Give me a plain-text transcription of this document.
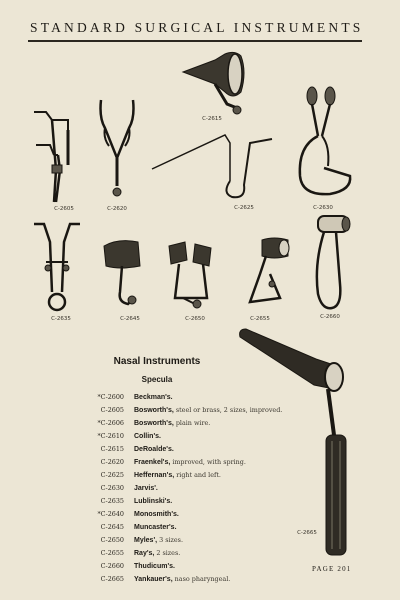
STANDARD SURGICAL INSTRUMENTS
C-2615
C-2605	C-2620	C-2625	C-2630
C-2635	C-2645	C-2650	C-2655	C-2660
C-2665
Nasal Instruments
Specula
*C-2600 Beckman's.
C-2605 Bosworth's, steel or brass, 2 sizes, improved.
*C-2606 Bosworth's, plain wire.
*C-2610 Collin's.
C-2615 DeRoalde's.
C-2620 Fraenkel's, improved, with spring.
C-2625 Heffernan's, right and left.
C-2630 Jarvis'.
C-2635 Lublinski's.
*C-2640 Monosmith's.
C-2645 Muncaster's.
C-2650 Myles', 3 sizes.
C-2655 Ray's, 2 sizes.
C-2660 Thudicum's.
C-2665 Yankauer's, naso pharyngeal.
PAGE 201
